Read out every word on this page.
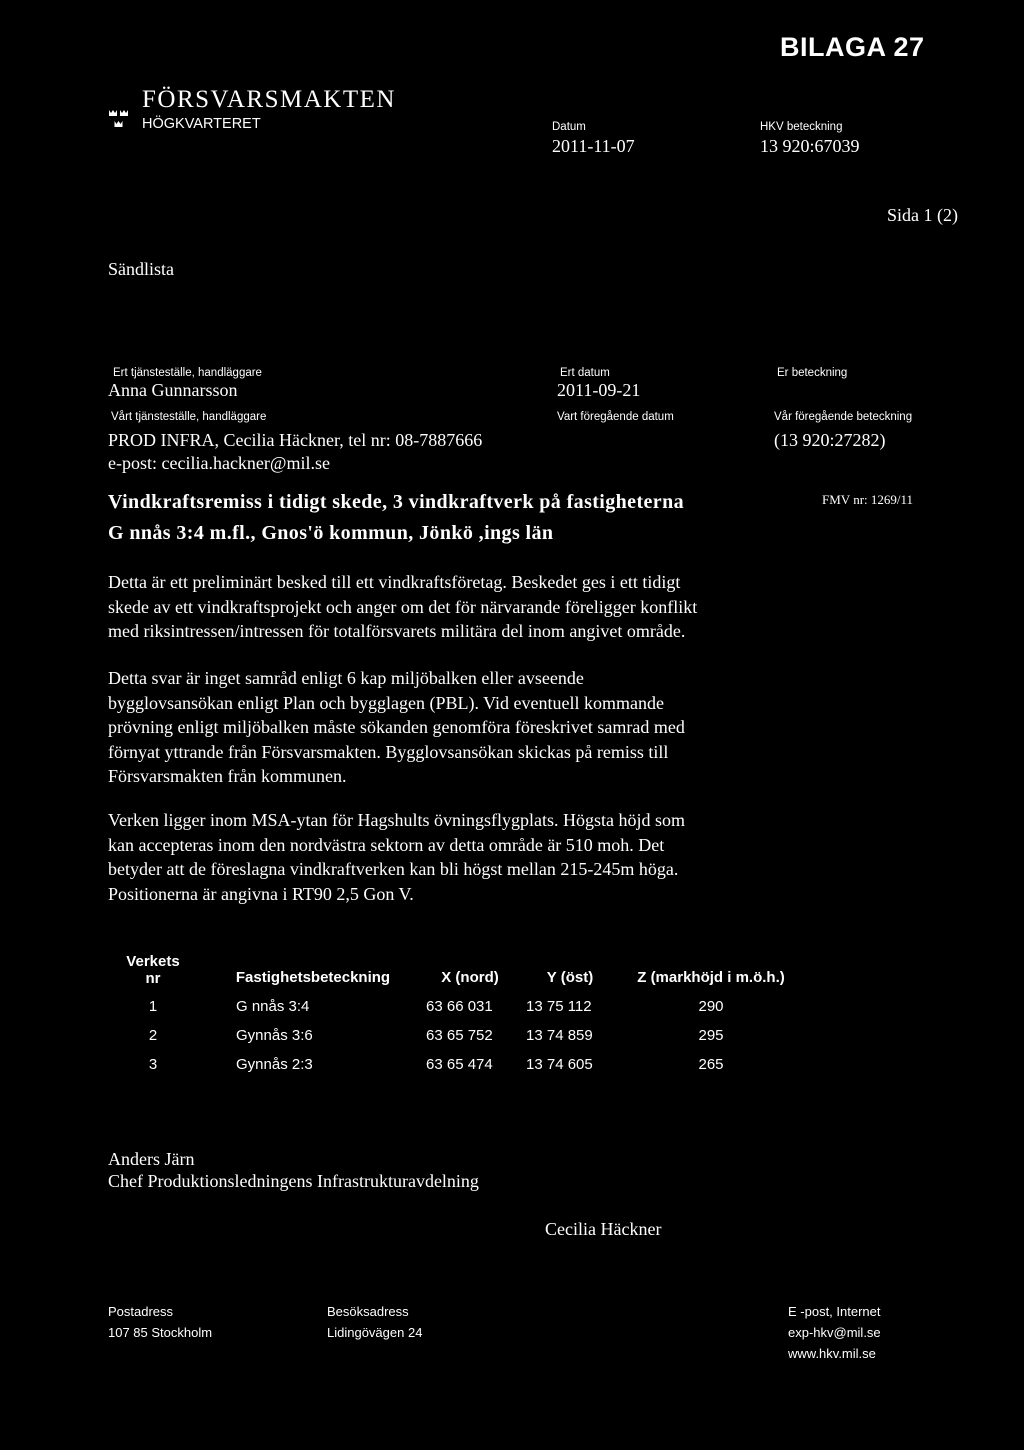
BILAGA 27
FÖRSVARSMAKTEN
HÖGKVARTERET	Datum
2011-11-07
HKV beteckning
13 920:67039
Sida 1 (2)
Sändlista
Ert tjänsteställe, handläggare
Anna Gunnarsson
Ert datum
2011-09-21
Er beteckning
Vårt tjänsteställe, handläggare
PROD INFRA, Cecilia Häckner, tel nr: 08-7887666
e-post: cecilia.hackner@mil.se
Vart föregående datum	Vår föregående beteckning
(13 920:27282)
Vindkraftsremiss i tidigt skede, 3 vindkraftverk på fastigheterna
G nnås 3:4 m.fl., Gnos'ö kommun, Jönkö ,ings län
FMV nr: 1269/11

Detta är ett preliminärt besked till ett vindkraftsföretag. Beskedet ges i ett tidigt

skede av ett vindkraftsprojekt och anger om det för närvarande föreligger konflikt

med riksintressen/intressen för totalförsvarets militära del inom angivet område.

Detta svar är inget samråd enligt 6 kap miljöbalken eller avseende

bygglovsansökan enligt Plan och bygglagen (PBL). Vid eventuell kommande

prövning enligt miljöbalken måste sökanden genomföra föreskrivet samrad med

förnyat yttrande från Försvarsmakten. Bygglovsansökan skickas på remiss till

Försvarsmakten från kommunen.

Verken ligger inom MSA-ytan för Hagshults övningsflygplats. Högsta höjd som

kan accepteras inom den nordvästra sektorn av detta område är 510 moh. Det

betyder att de föreslagna vindkraftverken kan bli högst mellan 215-245m höga.

Positionerna är angivna i RT90 2,5 Gon V.

Verkets nr	Fastighetsbeteckning	X (nord)	Y (öst)	Z (markhöjd i m.ö.h.)
1	G nnås 3:4	63 66 031	13 75 112	290
2	Gynnås 3:6	63 65 752	13 74 859	295
3	Gynnås 2:3	63 65 474	13 74 605	265
Anders Järn
Chef Produktionsledningens Infrastrukturavdelning
Cecilia Häckner
Postadress
107 85 Stockholm
Besöksadress
Lidingövägen 24
E -post, Internet
exp-hkv@mil.se
www.hkv.mil.se
